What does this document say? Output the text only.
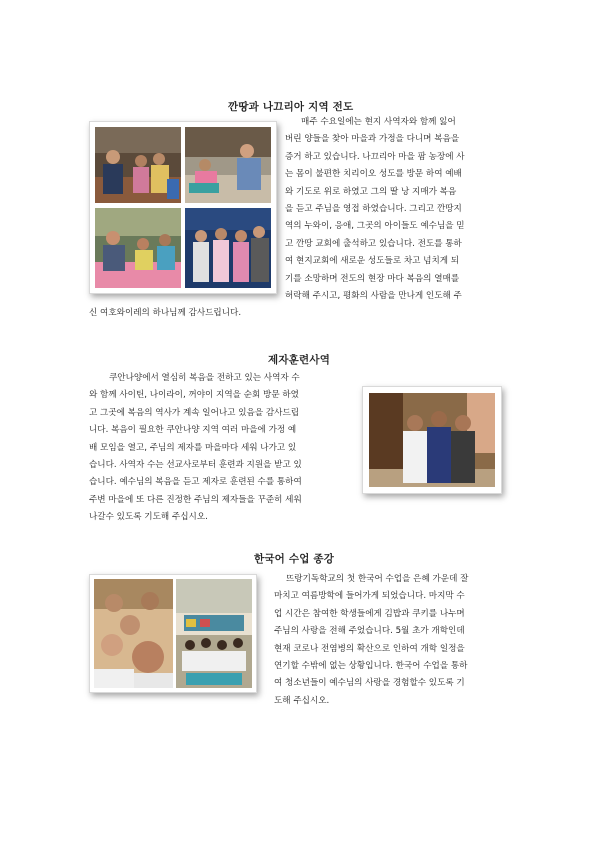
깐땅과 나끄리아 지역 전도
매주 수요일에는 현지 사역자와 함께 잃어
버린 양들을 찾아 마을과 가정을 다니며 복음을
증거 하고 있습니다. 나끄리아 마을 팜 농장에 사
는 몸이 불편한 치리이오 성도를 방문 하여 예배
와 기도로 위로 하였고 그의 딸 낭 지매가 복음
을 듣고 주님을 영접 하였습니다. 그리고 깐땅지
역의 누와이, 응애, 그곳의 아이들도 예수님을 믿
고 깐땅 교회에 출석하고 있습니다. 전도를 통하
여 현지교회에 새로운 성도들로 차고 넘치게 되
기를 소망하며 전도의 현장 마다 복음의 열매를
허락해 주시고, 평화의 사람을 만나게 인도해 주
신 여호와이레의 하나님께 감사드립니다.
제자훈련사역
쿠안나양에서 열심히 복음을 전하고 있는 사역자 수
와 함께 사이틴, 나이라이, 꺼야이 지역을 순회 방문 하였
고 그곳에 복음의 역사가 계속 일어나고 있음을 감사드립
니다. 복음이 필요한 쿠안나양 지역 여러 마을에 가정 예
배 모임을 열고, 주님의 제자를 마을마다 세워 나가고 있
습니다. 사역자 수는 선교사로부터 훈련과 지원을 받고 있
습니다. 예수님의 복음을 듣고 제자로 훈련된 수를 통하여
주변 마을에 또 다른 진정한 주님의 제자들을 꾸준히 세워
나갈수 있도록 기도해 주십시오.
한국어 수업 종강
뜨랑기독학교의 첫 한국어 수업을 은혜 가운데 잘
마치고 여름방학에 들어가게 되었습니다. 마지막 수
업 시간은 참여한 학생들에게 김밥과 쿠키를 나누며
주님의 사랑을 전해 주었습니다. 5월 초가 개학인데
현재 코로나 전염병의 확산으로 인하여 개학 일정을
연기할 수밖에 없는 상황입니다. 한국어 수업을 통하
여 청소년들이 예수님의 사랑을 경험할수 있도록 기
도해 주십시오.
